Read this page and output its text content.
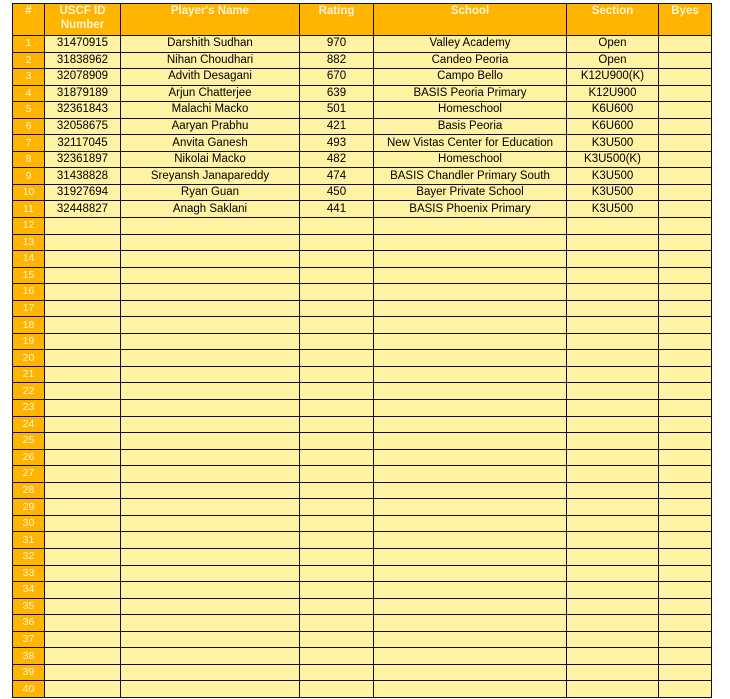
#	USCF ID Number	Player's Name	Rating	School	Section	Byes
1	31470915	Darshith Sudhan	970	Valley Academy	Open	
2	31838962	Nihan Choudhari	882	Candeo Peoria	Open	
3	32078909	Advith Desagani	670	Campo Bello	K12U900(K)	
4	31879189	Arjun Chatterjee	639	BASIS Peoria Primary	K12U900	
5	32361843	Malachi Macko	501	Homeschool	K6U600	
6	32058675	Aaryan Prabhu	421	Basis Peoria	K6U600	
7	32117045	Anvita Ganesh	493	New Vistas Center for Education	K3U500	
8	32361897	Nikolai Macko	482	Homeschool	K3U500(K)	
9	31438828	Sreyansh Janapareddy	474	BASIS Chandler Primary South	K3U500	
10	31927694	Ryan Guan	450	Bayer Private School	K3U500	
11	32448827	Anagh Saklani	441	BASIS Phoenix Primary	K3U500	
12						
13						
14						
15						
16						
17						
18						
19						
20						
21						
22						
23						
24						
25						
26						
27						
28						
29						
30						
31						
32						
33						
34						
35						
36						
37						
38						
39						
40						
